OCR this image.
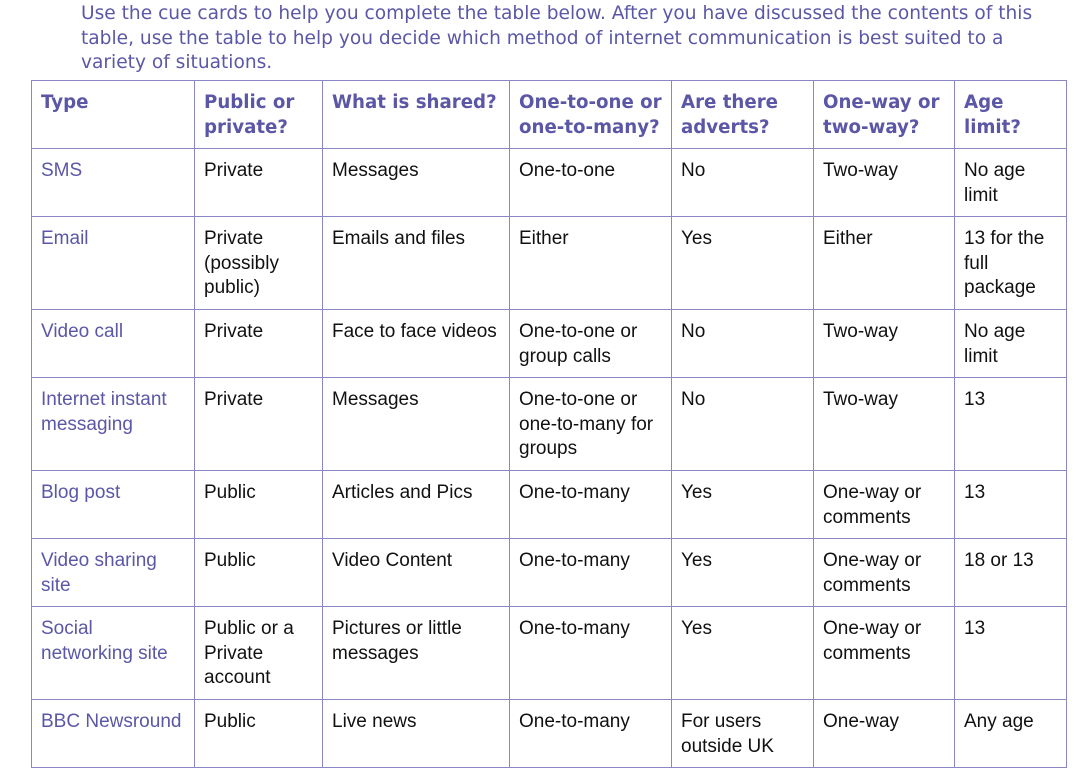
Use the cue cards to help you complete the table below. After you have discussed the contents of this table, use the table to help you decide which method of internet communication is best suited to a variety of situations.

Type	Public or private?	What is shared?	One-to-one or one-to-many?	Are there adverts?	One-way or two-way?	Age limit?
SMS	Private	Messages	One-to-one	No	Two-way	No age limit
Email	Private (possibly public)	Emails and files	Either	Yes	Either	13 for the full package
Video call	Private	Face to face videos	One-to-one or group calls	No	Two-way	No age limit
Internet instant messaging	Private	Messages	One-to-one or one-to-many for groups	No	Two-way	13
Blog post	Public	Articles and Pics	One-to-many	Yes	One-way or comments	13
Video sharing site	Public	Video Content	One-to-many	Yes	One-way or comments	18 or 13
Social networking site	Public or a Private account	Pictures or little messages	One-to-many	Yes	One-way or comments	13
BBC Newsround	Public	Live news	One-to-many	For users outside UK	One-way	Any age
